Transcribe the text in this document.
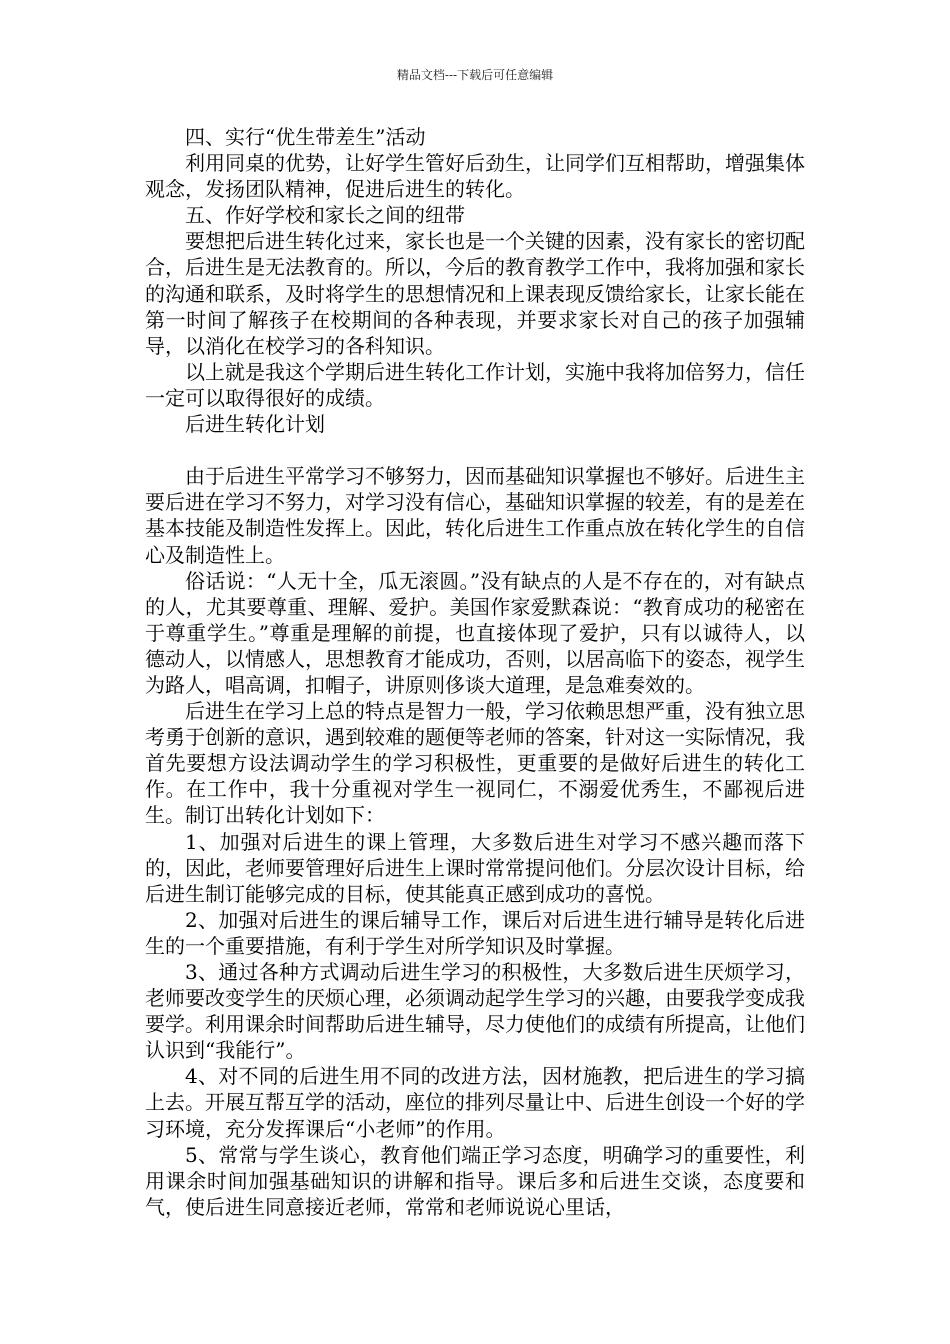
精品文档---下载后可任意编辑

四、实行“优生带差生”活动

利用同桌的优势，让好学生管好后劲生，让同学们互相帮助，增强集体观念，发扬团队精神，促进后进生的转化。

五、作好学校和家长之间的纽带

要想把后进生转化过来，家长也是一个关键的因素，没有家长的密切配合，后进生是无法教育的。所以，今后的教育教学工作中，我将加强和家长的沟通和联系，及时将学生的思想情况和上课表现反馈给家长，让家长能在第一时间了解孩子在校期间的各种表现，并要求家长对自己的孩子加强辅导，以消化在校学习的各科知识。

以上就是我这个学期后进生转化工作计划，实施中我将加倍努力，信任一定可以取得很好的成绩。

后进生转化计划

由于后进生平常学习不够努力，因而基础知识掌握也不够好。后进生主要后进在学习不努力，对学习没有信心，基础知识掌握的较差，有的是差在基本技能及制造性发挥上。因此，转化后进生工作重点放在转化学生的自信心及制造性上。

俗话说：“人无十全，瓜无滚圆。”没有缺点的人是不存在的，对有缺点的人，尤其要尊重、理解、爱护。美国作家爱默森说：“教育成功的秘密在于尊重学生。”尊重是理解的前提，也直接体现了爱护，只有以诚待人，以德动人，以情感人，思想教育才能成功，否则，以居高临下的姿态，视学生为路人，唱高调，扣帽子，讲原则侈谈大道理，是急难奏效的。

后进生在学习上总的特点是智力一般，学习依赖思想严重，没有独立思考勇于创新的意识，遇到较难的题便等老师的答案，针对这一实际情况，我首先要想方设法调动学生的学习积极性，更重要的是做好后进生的转化工作。在工作中，我十分重视对学生一视同仁，不溺爱优秀生，不鄙视后进生。制订出转化计划如下：

1、加强对后进生的课上管理，大多数后进生对学习不感兴趣而落下的，因此，老师要管理好后进生上课时常常提问他们。分层次设计目标，给后进生制订能够完成的目标，使其能真正感到成功的喜悦。

2、加强对后进生的课后辅导工作，课后对后进生进行辅导是转化后进生的一个重要措施，有利于学生对所学知识及时掌握。

3、通过各种方式调动后进生学习的积极性，大多数后进生厌烦学习，老师要改变学生的厌烦心理，必须调动起学生学习的兴趣，由要我学变成我要学。利用课余时间帮助后进生辅导，尽力使他们的成绩有所提高，让他们认识到“我能行”。

4、对不同的后进生用不同的改进方法，因材施教，把后进生的学习搞上去。开展互帮互学的活动，座位的排列尽量让中、后进生创设一个好的学习环境，充分发挥课后“小老师”的作用。

5、常常与学生谈心，教育他们端正学习态度，明确学习的重要性，利用课余时间加强基础知识的讲解和指导。课后多和后进生交谈，态度要和气，使后进生同意接近老师，常常和老师说说心里话，
